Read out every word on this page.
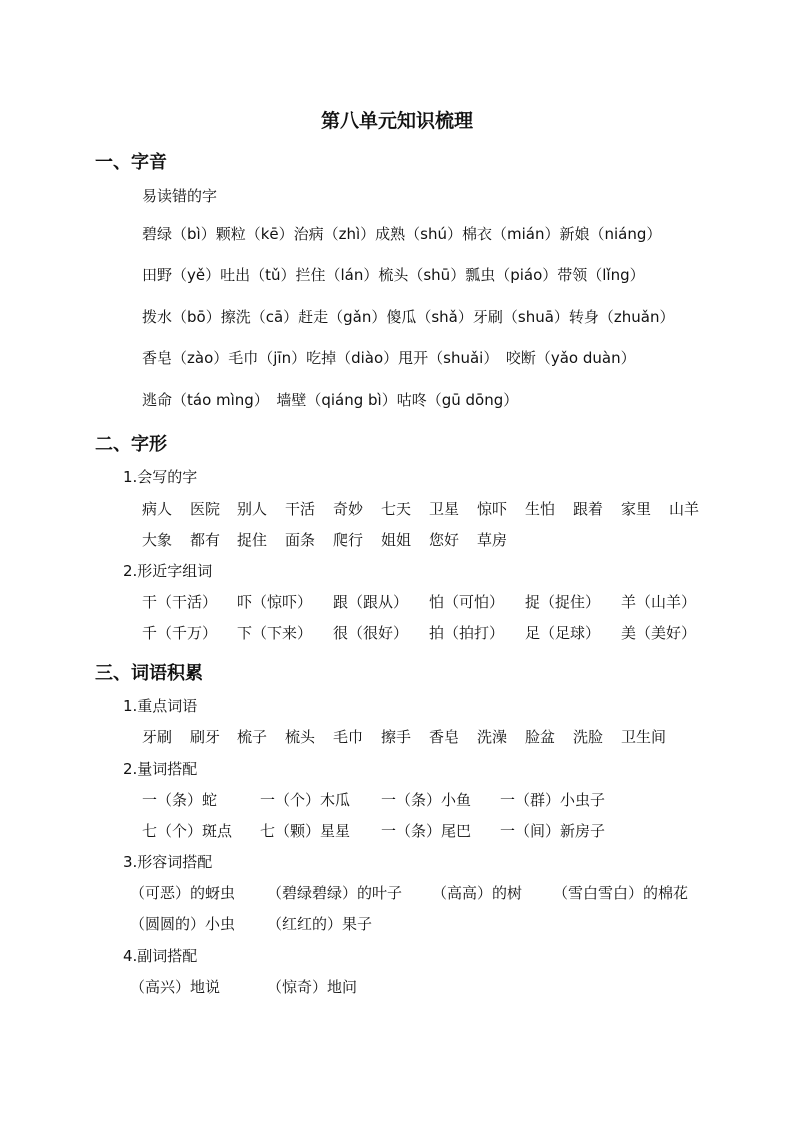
第八单元知识梳理
一、字音
易读错的字
碧绿（bì）颗粒（kē）治病（zhì）成熟（shú）棉衣（mián）新娘（niáng）
田野（yě）吐出（tǔ）拦住（lán）梳头（shū）瓢虫（piáo）带领（lǐng）
拨水（bō）擦洗（cā）赶走（gǎn）傻瓜（shǎ）牙刷（shuā）转身（zhuǎn）
香皂（zào）毛巾（jīn）吃掉（diào）甩开（shuǎi）　咬断（yǎo duàn）
逃命（táo mìng）　墙壁（qiáng bì）咕咚（gū dōng）
二、字形
1.会写的字
病人 医院 别人 干活 奇妙 七天 卫星 惊吓 生怕 跟着 家里 山羊
大象 都有 捉住 面条 爬行 姐姐 您好 草房
2.形近字组词
干（干活） 吓（惊吓） 跟（跟从） 怕（可怕） 捉（捉住） 羊（山羊）
千（千万） 下（下来） 很（很好） 拍（拍打） 足（足球） 美（美好）
三、词语积累
1.重点词语
牙刷 刷牙 梳子 梳头 毛巾 擦手 香皂 洗澡 脸盆 洗脸 卫生间
2.量词搭配
一（条）蛇	一（个）木瓜 一（条）小鱼 一（群）小虫子
七（个）斑点 七（颗）星星 一（条）尾巴 一（间）新房子
3.形容词搭配
（可恶）的蚜虫 （碧绿碧绿）的叶子 （高高）的树 （雪白雪白）的棉花
（圆圆的）小虫 （红红的）果子
4.副词搭配
（高兴）地说	（惊奇）地问
